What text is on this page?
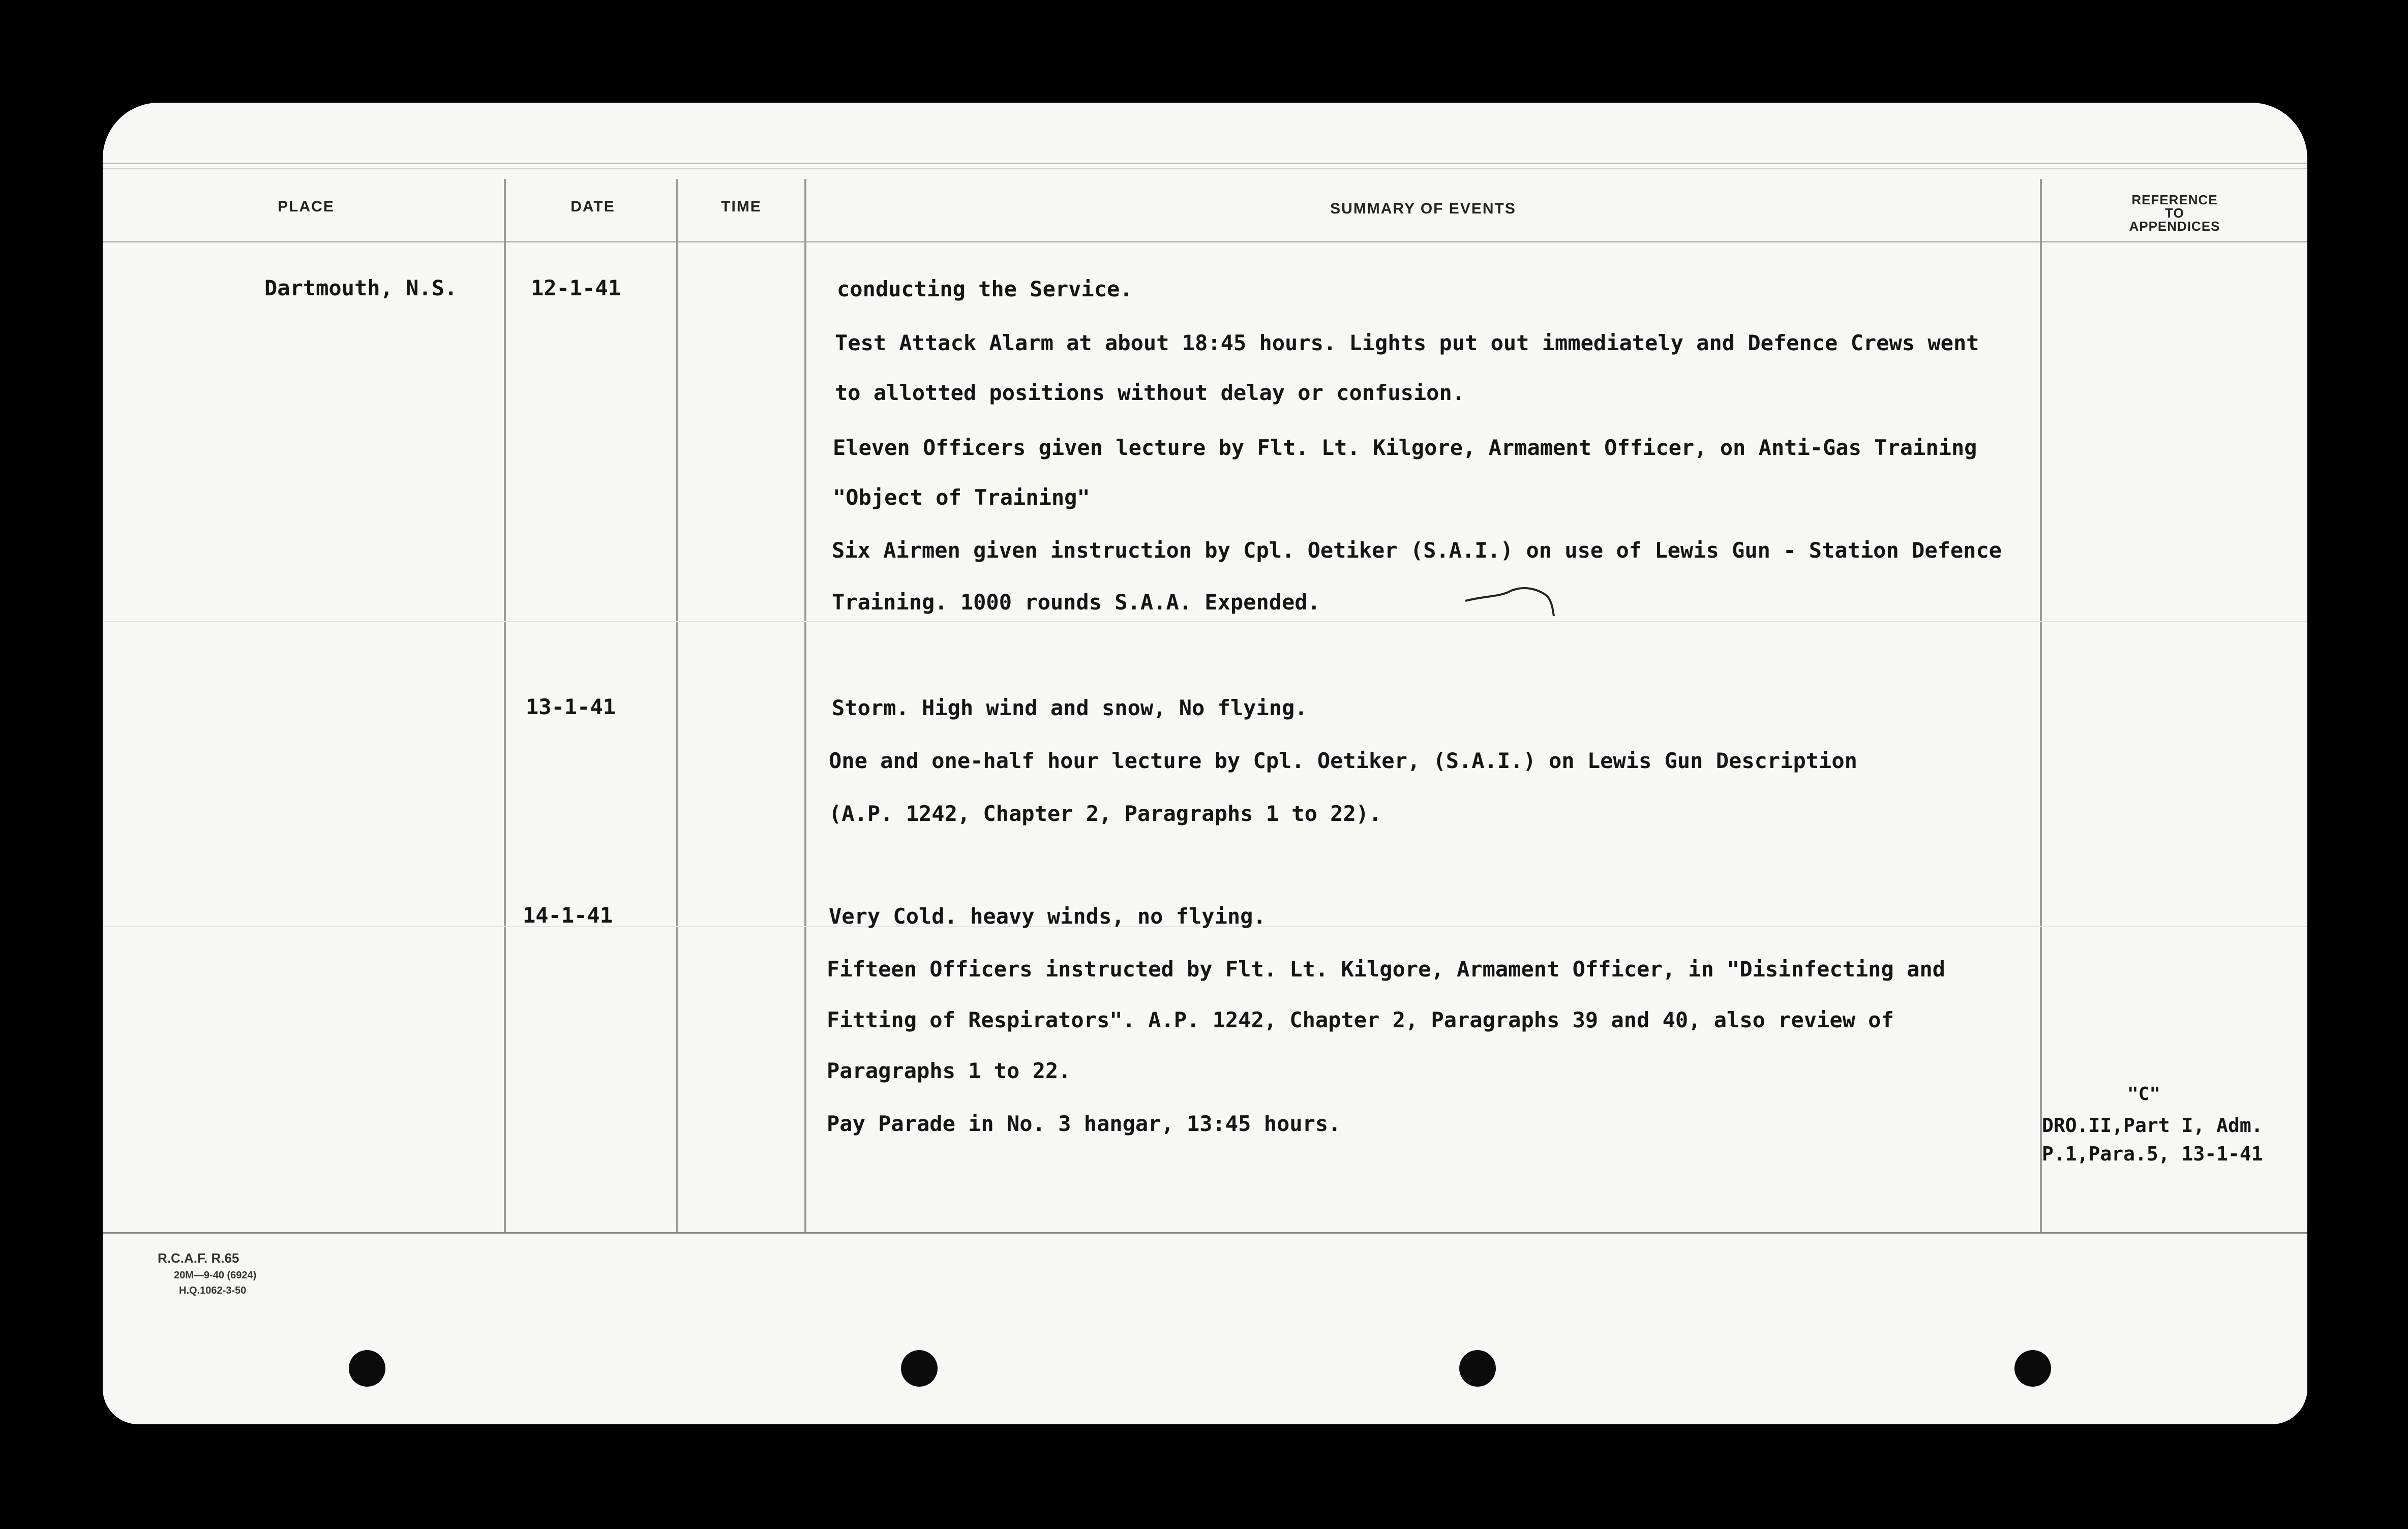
PLACE	DATE	TIME	SUMMARY OF EVENTS
REFERENCE
TO
APPENDICES
Dartmouth, N.S.	12-1-41
13-1-41
14-1-41
conducting the Service.
Test Attack Alarm at about 18:45 hours. Lights put out immediately and Defence Crews went
to allotted positions without delay or confusion.
Eleven Officers given lecture by Flt. Lt. Kilgore, Armament Officer, on Anti-Gas Training
"Object of Training"
Six Airmen given instruction by Cpl. Oetiker (S.A.I.) on use of Lewis Gun - Station Defence
Training. 1000 rounds S.A.A. Expended.
Storm. High wind and snow, No flying.
One and one-half hour lecture by Cpl. Oetiker, (S.A.I.) on Lewis Gun Description
(A.P. 1242, Chapter 2, Paragraphs 1 to 22).
Very Cold. heavy winds, no flying.
Fifteen Officers instructed by Flt. Lt. Kilgore, Armament Officer, in "Disinfecting and
Fitting of Respirators". A.P. 1242, Chapter 2, Paragraphs 39 and 40, also review of
Paragraphs 1 to 22.
Pay Parade in No. 3 hangar, 13:45 hours.
"C"
DRO.II,Part I, Adm.
P.1,Para.5, 13-1-41
R.C.A.F. R.65
20M—9-40 (6924)
H.Q.1062-3-50
